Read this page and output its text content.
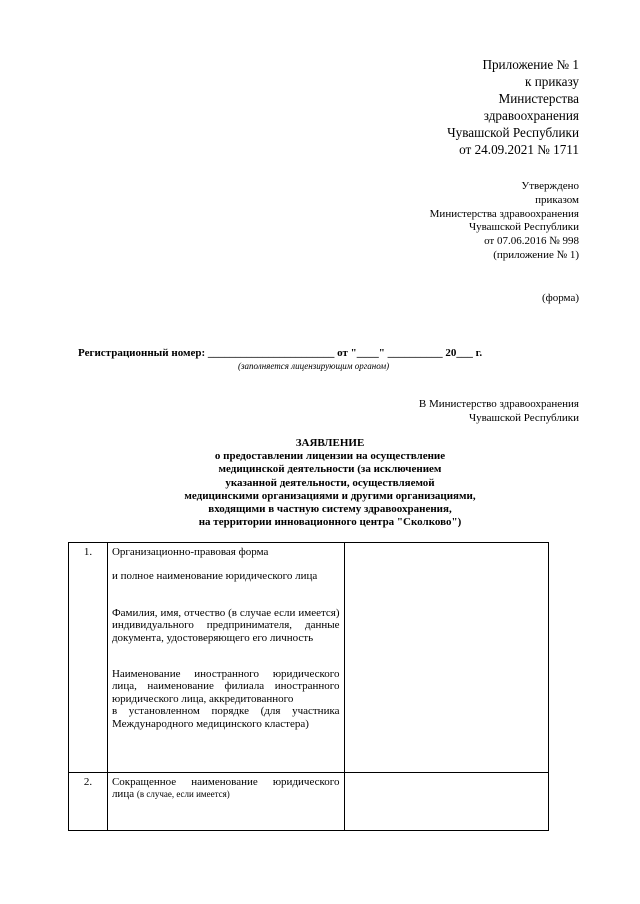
Приложение № 1
к приказу
Министерства
здравоохранения
Чувашской Республики
от 24.09.2021 № 1711
Утверждено
приказом
Министерства здравоохранения
Чувашской Республики
от 07.06.2016 № 998
(приложение № 1)
(форма)
Регистрационный номер: _______________________ от "____" __________ 20___ г.
(заполняется лицензирующим органом)
В Министерство здравоохранения
Чувашской Республики
ЗАЯВЛЕНИЕ
о предоставлении лицензии на осуществление
медицинской деятельности (за исключением
указанной деятельности, осуществляемой
медицинскими организациями и другими организациями,
входящими в частную систему здравоохранения,
на территории инновационного центра "Сколково")
1.	Организационно-правовая форма
и полное наименование юридического лица
Фамилия, имя, отчество (в случае если имеется) индивидуального предпринимателя, данные документа, удостоверяющего его личность
Наименование иностранного юридического лица, наименование филиала иностранного юридического лица, аккредитованного
в установленном порядке (для участника Международного медицинского кластера)	

2.	Сокращенное наименование юридического лица (в случае, если имеется)	
